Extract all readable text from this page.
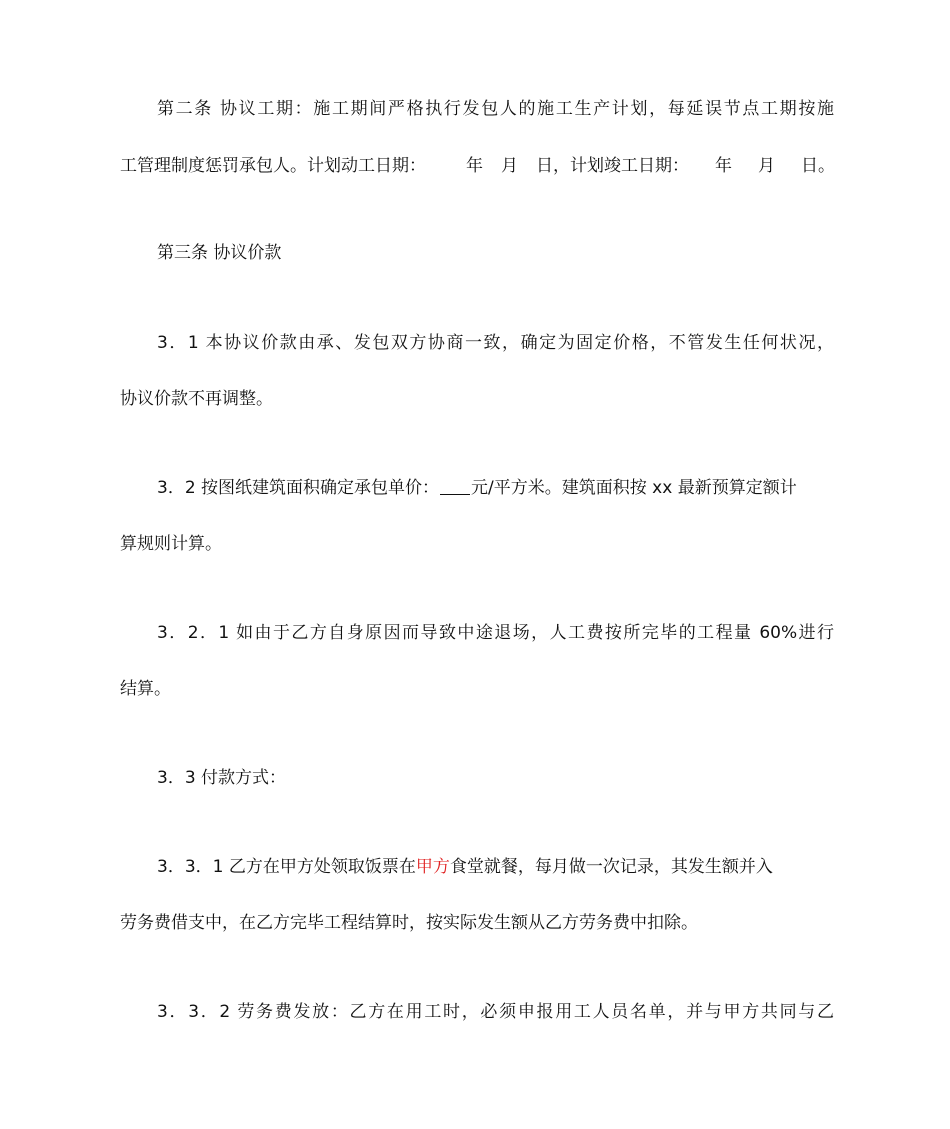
第二条 协议工期：施工期间严格执行发包人的施工生产计划，每延误节点工期按施
工管理制度惩罚承包人。计划动工日期： 年 月 日，计划竣工日期： 年 月 日。
第三条 协议价款
3．1 本协议价款由承、发包双方协商一致，确定为固定价格，不管发生任何状况，
协议价款不再调整。
3．2 按图纸建筑面积确定承包单价： 元/平方米。建筑面积按 xx 最新预算定额计
算规则计算。
3．2．1 如由于乙方自身原因而导致中途退场，人工费按所完毕的工程量 60%进行
结算。
3．3 付款方式：
3．3．1 乙方在甲方处领取饭票在甲方食堂就餐，每月做一次记录，其发生额并入
劳务费借支中，在乙方完毕工程结算时，按实际发生额从乙方劳务费中扣除。
3．3．2 劳务费发放：乙方在用工时，必须申报用工人员名单，并与甲方共同与乙
